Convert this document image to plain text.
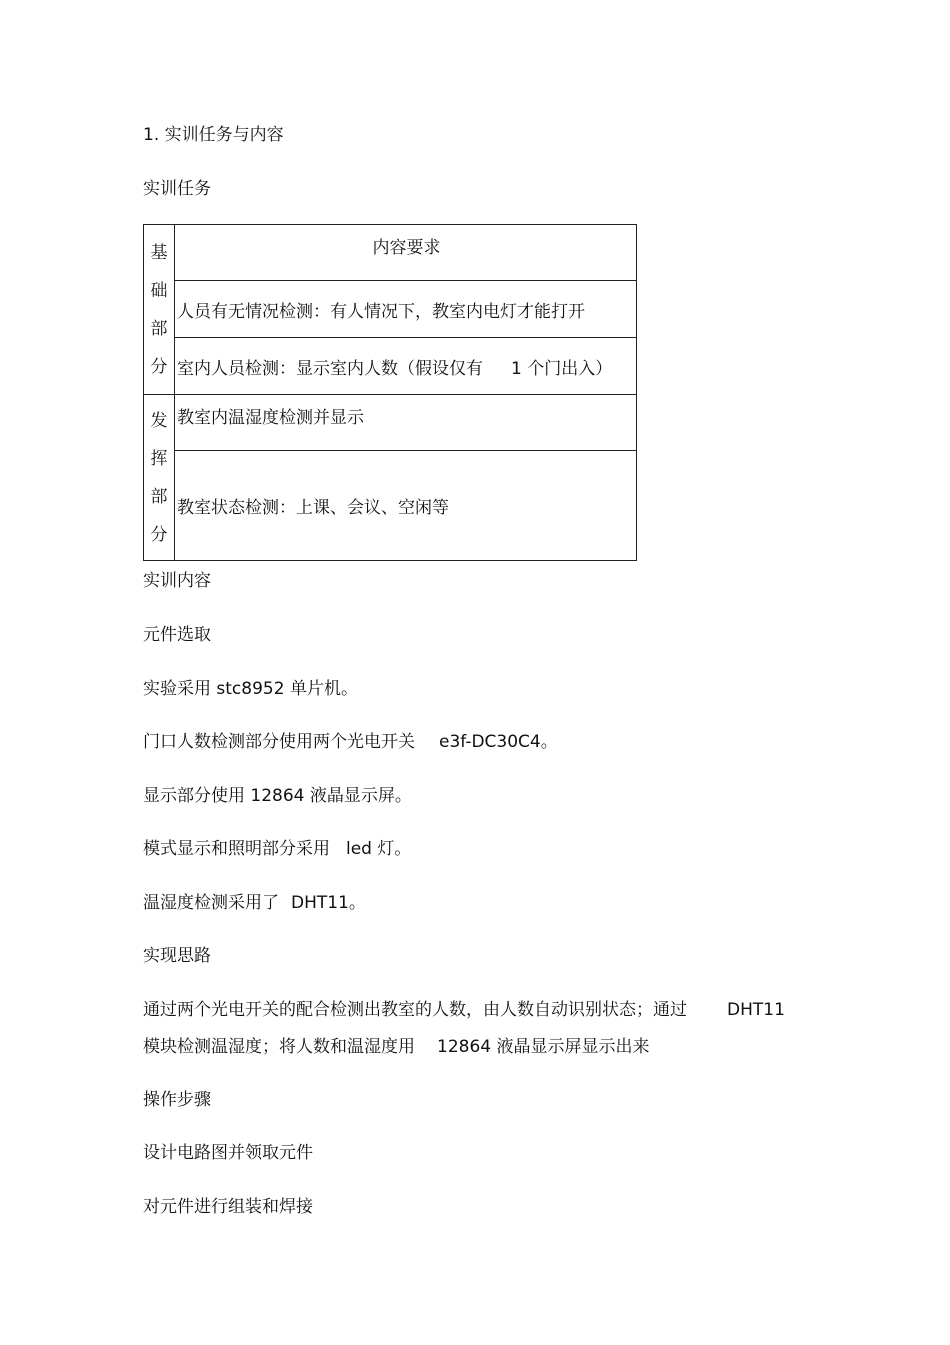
1. 实训任务与内容
实训任务
基
础
部
分	内容要求
	人员有无情况检测：有人情况下，教室内电灯才能打开
	室内人员检测：显示室内人数（假设仅有 1 个门出入）

发
挥
部
分	教室内温湿度检测并显示
	教室状态检测：上课、会议、空闲等
实训内容
元件选取
实验采用 stc8952 单片机。
门口人数检测部分使用两个光电开关 e3f-DC30C4。
显示部分使用 12864 液晶显示屏。
模式显示和照明部分采用 led 灯。
温湿度检测采用了 DHT11。
实现思路
通过两个光电开关的配合检测出教室的人数，由人数自动识别状态；通过 DHT11
模块检测温湿度；将人数和温湿度用 12864 液晶显示屏显示出来
操作步骤
设计电路图并领取元件
对元件进行组装和焊接
